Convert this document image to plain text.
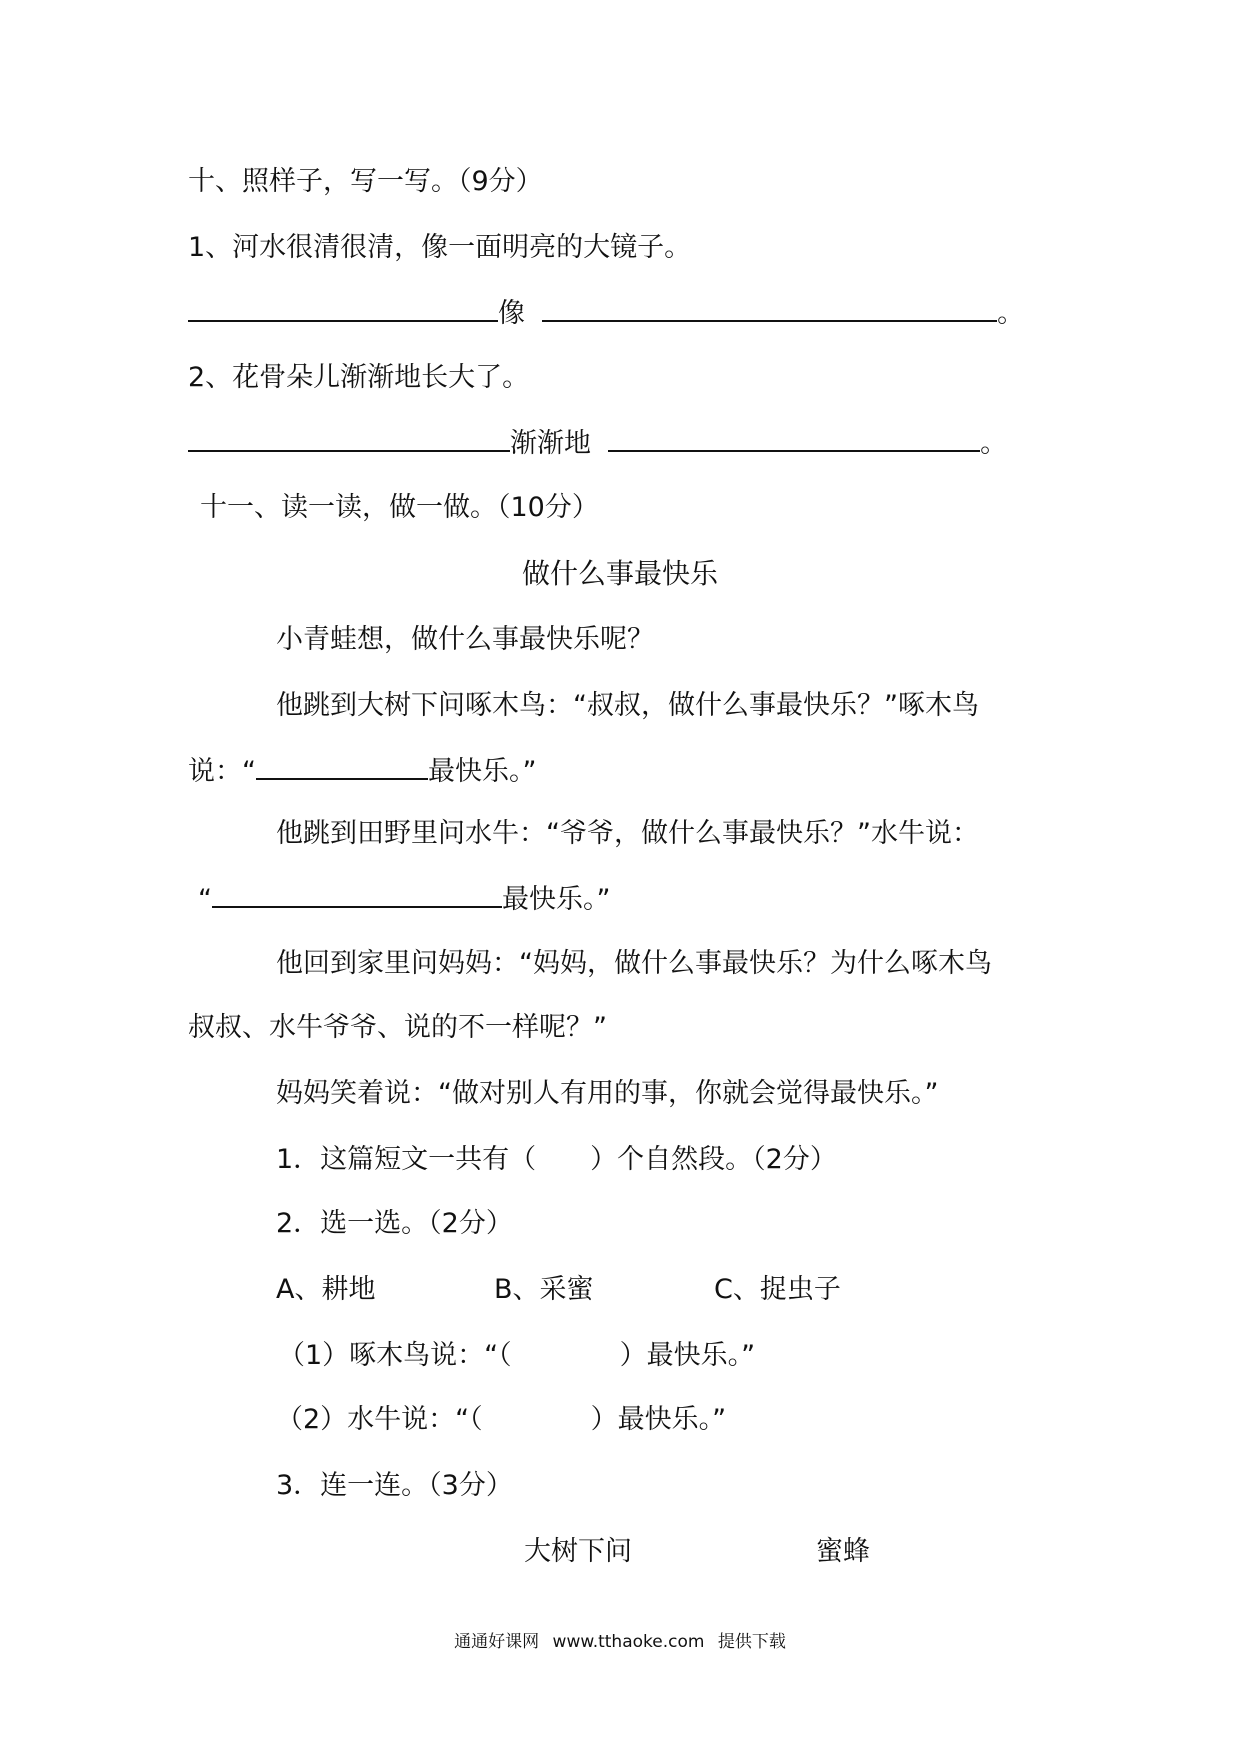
十、照样子，写一写。（9分）
1、河水很清很清，像一面明亮的大镜子。
像	。
2、花骨朵儿渐渐地长大了。
渐渐地	。
十一、读一读，做一做。（10分）
做什么事最快乐
小青蛙想，做什么事最快乐呢？
他跳到大树下问啄木鸟：“叔叔，做什么事最快乐？”啄木鸟
说：“	最快乐。”
他跳到田野里问水牛：“爷爷，做什么事最快乐？”水牛说：
“	最快乐。”
他回到家里问妈妈：“妈妈，做什么事最快乐？为什么啄木鸟
叔叔、水牛爷爷、说的不一样呢？”
妈妈笑着说：“做对别人有用的事，你就会觉得最快乐。”
1．这篇短文一共有（　　）个自然段。（2分）
2．选一选。（2分）
A、耕地	B、采蜜	C、捉虫子
（1）啄木鸟说：“（　　　　）最快乐。”
（2）水牛说：“（　　　　）最快乐。”
3．连一连。（3分）
大树下问	蜜蜂
通通好课网 www.tthaoke.com 提供下载
